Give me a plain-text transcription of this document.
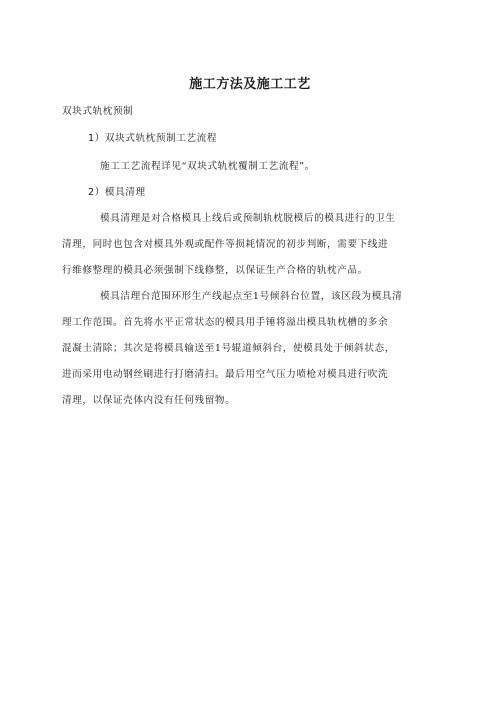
施工方法及施工工艺
双块式轨枕预制
1）双块式轨枕预制工艺流程
施工工艺流程详见“双块式轨枕覆制工艺流程”。
2）模具清理
模具清理是对合格模具上线后或预制轨枕脱模后的模具进行的卫生
清理，同时也包含对模具外观或配件等损耗情况的初步判断，需要下线进
行维修整理的模具必须强制下线修整，以保证生产合格的轨枕产品。
模具洁理台范围环形生产线起点至1号倾斜台位置，该区段为模具清
理工作范围。首先将水平正常状态的模具用手锤将溢出模具轨枕槽的多余
混凝土清除；其次是将模具输送至1号辊道倾斜台，使模具处于倾斜状态，
进而采用电动钢丝刷进行打磨清扫。最后用空气压力喷枪对模具进行吹洗
清理，以保证壳体内没有任何残留物。
